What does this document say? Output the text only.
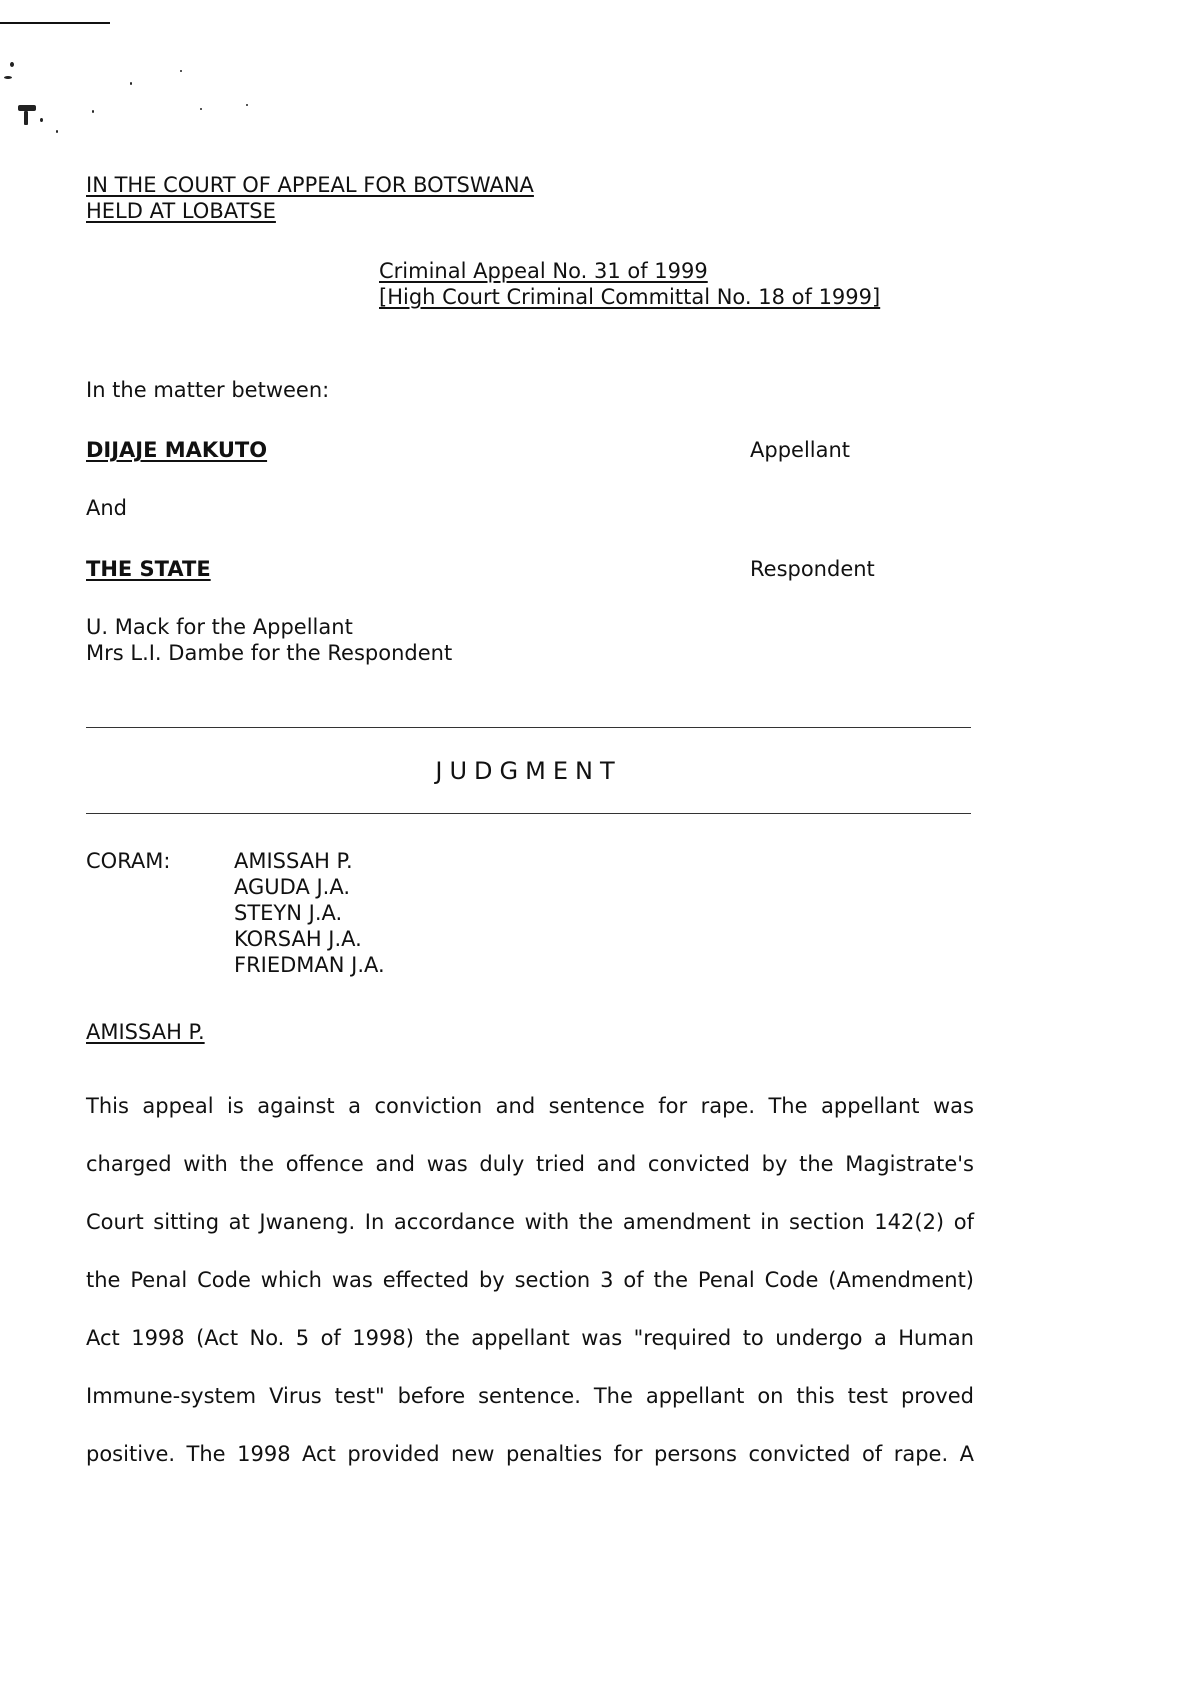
IN THE COURT OF APPEAL FOR BOTSWANA
HELD AT LOBATSE
Criminal Appeal No. 31 of 1999
[High Court Criminal Committal No. 18 of 1999]
In the matter between:
DIJAJE MAKUTO	Appellant
And
THE STATE	Respondent
U. Mack for the Appellant
Mrs L.I. Dambe for the Respondent
JUDGMENT
CORAM:	AMISSAH P.
AGUDA J.A.
STEYN J.A.
KORSAH J.A.
FRIEDMAN J.A.
AMISSAH P.
This appeal is against a conviction and sentence for rape. The appellant was
charged with the offence and was duly tried and convicted by the Magistrate's
Court sitting at Jwaneng. In accordance with the amendment in section 142(2) of
the Penal Code which was effected by section 3 of the Penal Code (Amendment)
Act 1998 (Act No. 5 of 1998) the appellant was "required to undergo a Human
Immune-system Virus test" before sentence. The appellant on this test proved
positive. The 1998 Act provided new penalties for persons convicted of rape. A
